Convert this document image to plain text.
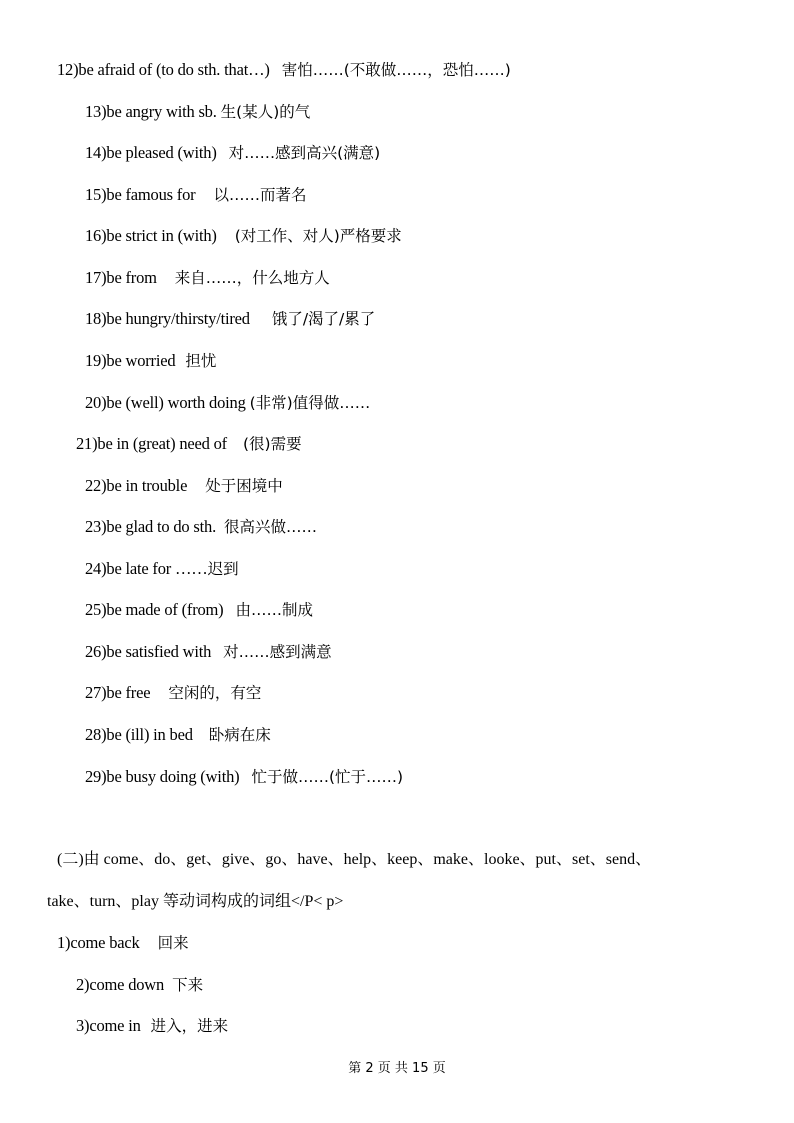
12)be afraid of (to do sth. that…) 害怕……(不敢做……，恐怕……)
13)be angry with sb. 生(某人)的气
14)be pleased (with) 对……感到高兴(满意)
15)be famous for 以……而著名
16)be strict in (with) (对工作、对人)严格要求
17)be from 来自……，什么地方人
18)be hungry/thirsty/tired 饿了/渴了/累了
19)be worried 担忧
20)be (well) worth doing (非常)值得做……
21)be in (great) need of (很)需要
22)be in trouble 处于困境中
23)be glad to do sth. 很高兴做……
24)be late for ……迟到
25)be made of (from) 由……制成
26)be satisfied with 对……感到满意
27)be free 空闲的，有空
28)be (ill) in bed 卧病在床
29)be busy doing (with) 忙于做……(忙于……)
(二)由 come、do、get、give、go、have、help、keep、make、looke、put、set、send、
take、turn、play 等动词构成的词组</P< p>
1)come back 回来
2)come down 下来
3)come in 进入，进来
第 2 页 共 15 页
